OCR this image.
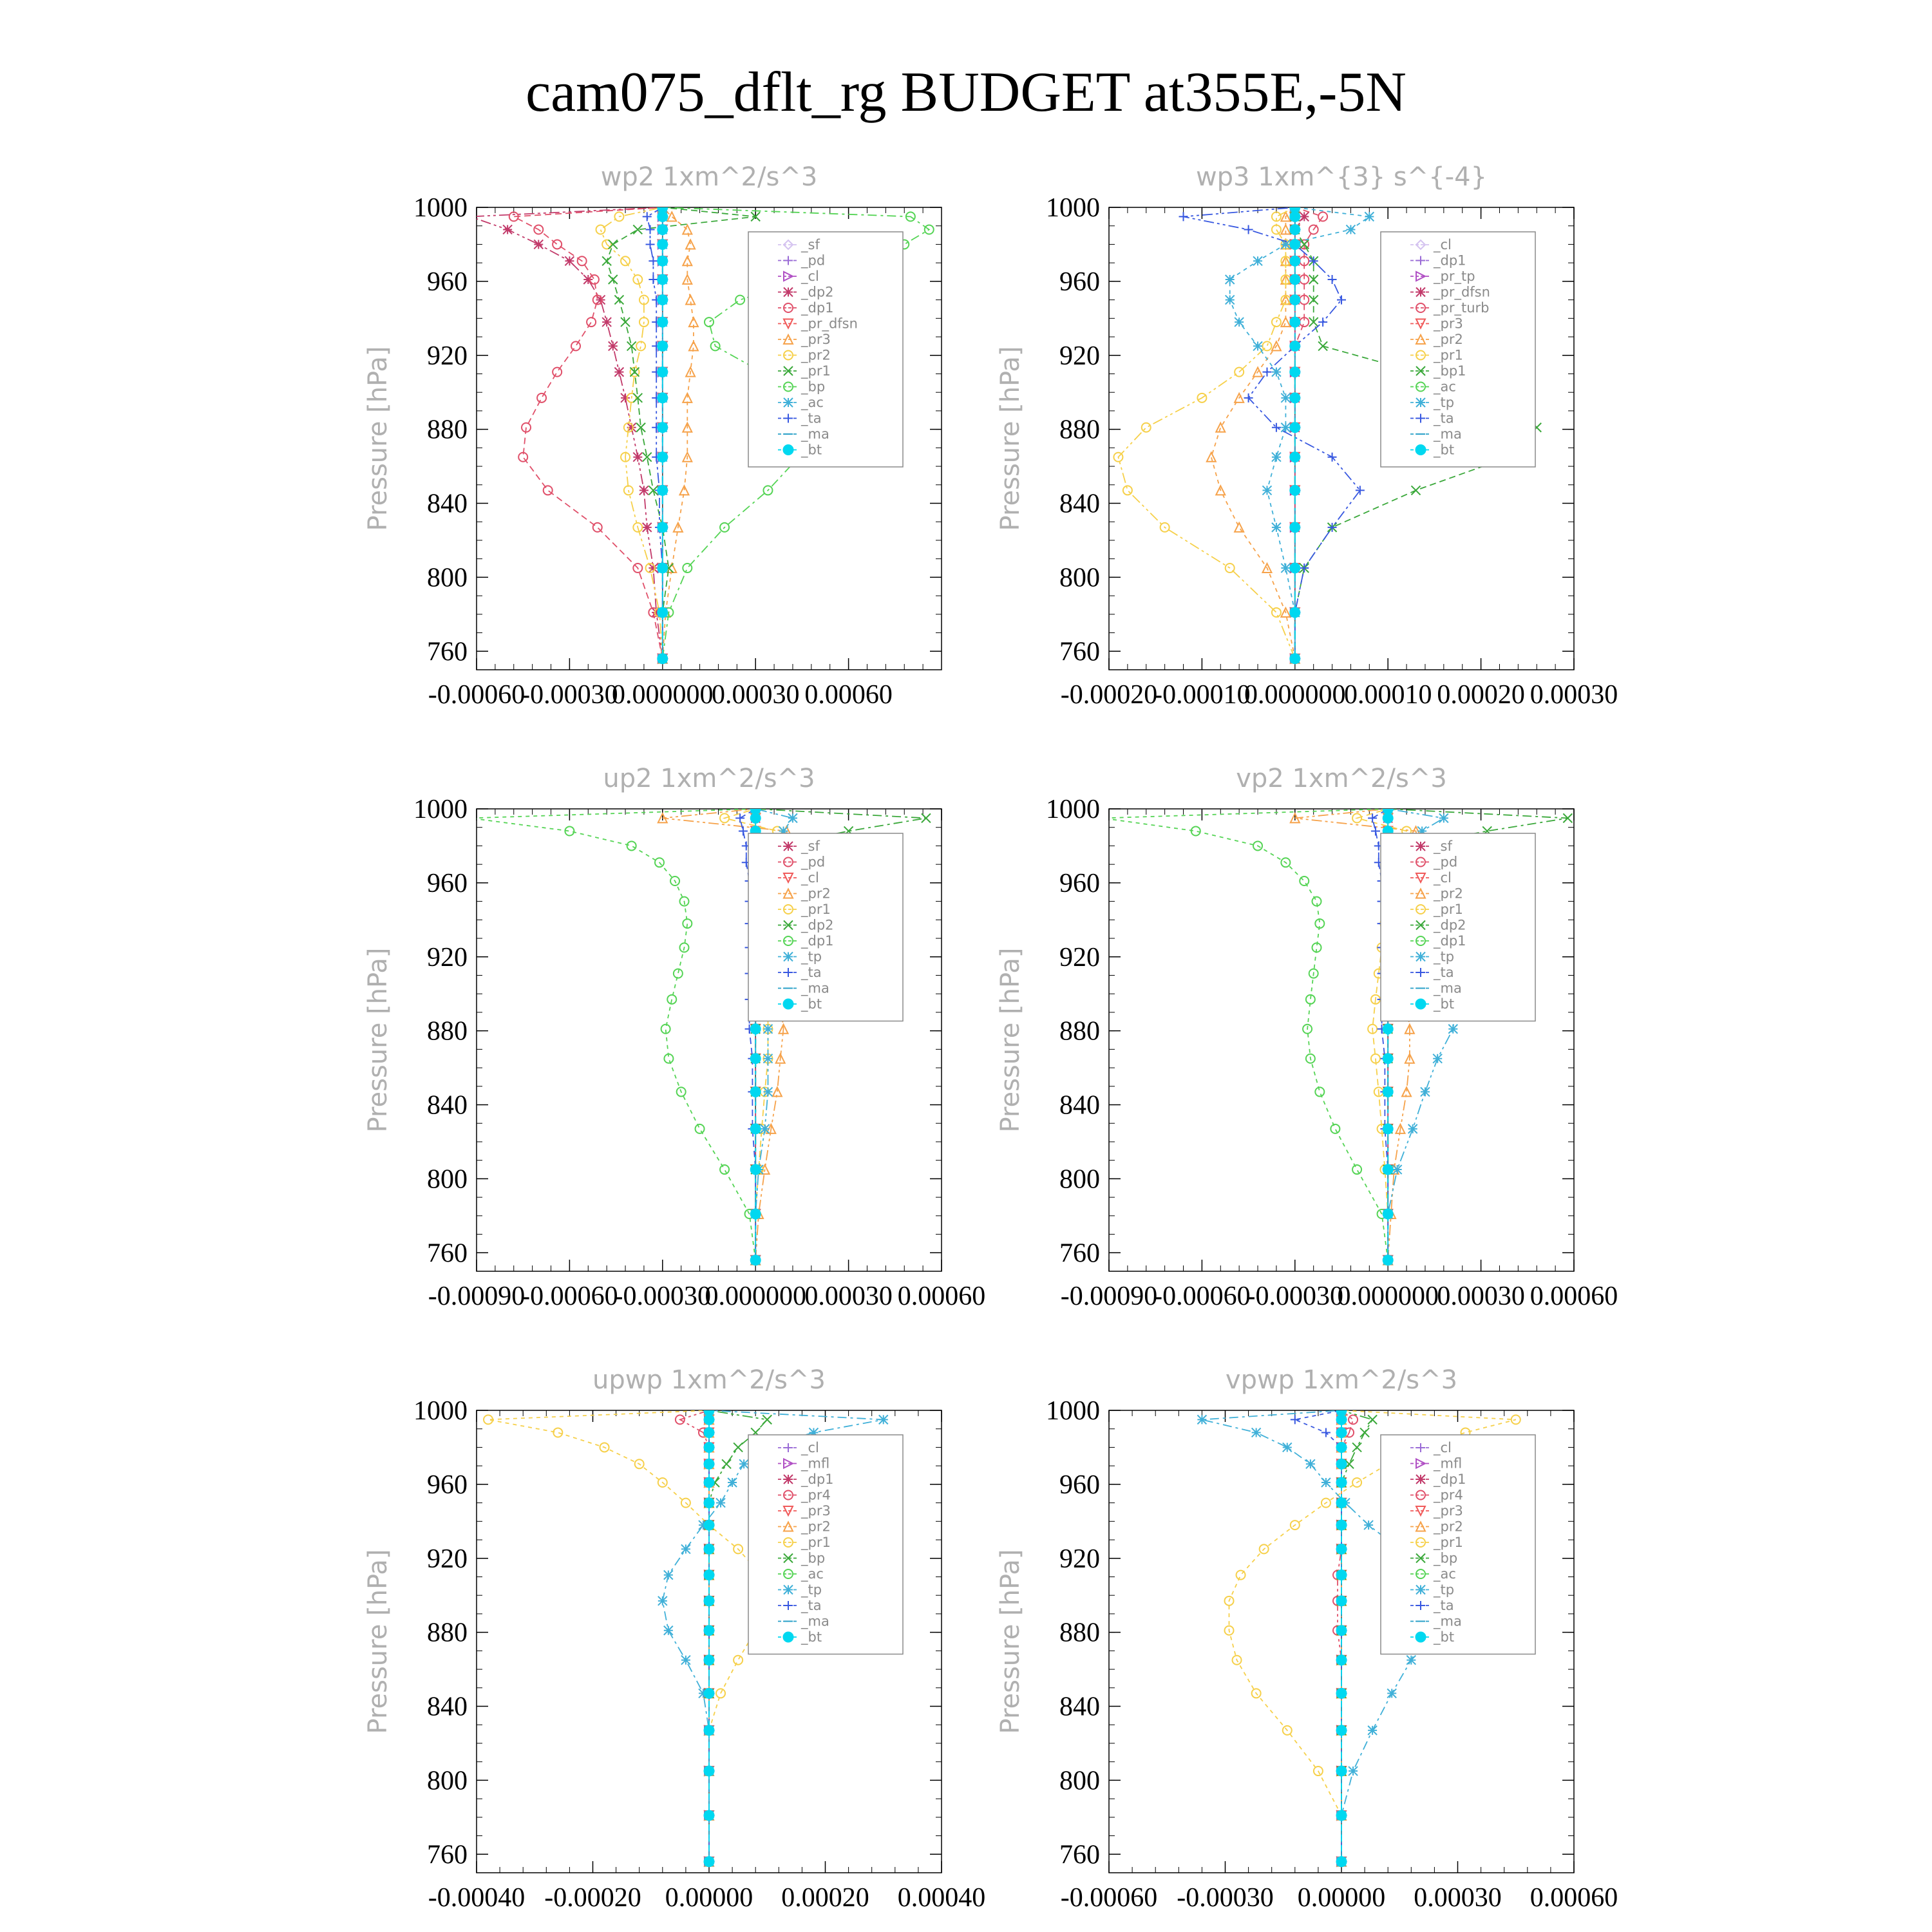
cam075_dflt_rg BUDGET at355E,-5N
wp2 1xm^2/s^3
Pressure [hPa]
760
800
840
880
920
960
1000
-0.00060
-0.00030
0.000000
0.00030 0.00060
_sf
_pd
_cl
_dp2
_dp1
_pr_dfsn
_pr3
_pr2
_pr1
_bp
_ac
_ta
_ma
_bt
wp3 1xm^{3} s^{-4}
Pressure [hPa]
760
800
840
880
920
960
1000
-0.00020
-0.00010
0.000000
0.00010 0.00020 0.00030
_cl
_dp1
_pr_tp
_pr_dfsn
_pr_turb
_pr3
_pr2
_pr1
_bp1
_ac
_tp
_ta
_ma
_bt
up2 1xm^2/s^3
Pressure [hPa]
760
800
840
880
920
960
1000
-0.00090
-0.00060
-0.00030
0.000000
0.00030 0.00060
_sf
_pd
_cl
_pr2
_pr1
_dp2
_dp1
_tp
_ta
_ma
_bt
vp2 1xm^2/s^3
Pressure [hPa]
760
800
840
880
920
960
1000
-0.00090
-0.00060
-0.00030
0.000000
0.00030 0.00060
_sf
_pd
_cl
_pr2
_pr1
_dp2
_dp1
_tp
_ta
_ma
_bt
upwp 1xm^2/s^3
Pressure [hPa]
760
800
840
880
920
960
1000
-0.00040 -0.00020 0.00000 0.00020 0.00040
_cl
_mfl
_dp1
_pr4
_pr3
_pr2
_pr1
_bp
_ac
_tp
_ta
_ma
_bt
vpwp 1xm^2/s^3
Pressure [hPa]
760
800
840
880
920
960
1000
-0.00060 -0.00030 0.00000 0.00030 0.00060
_cl
_mfl
_dp1
_pr4
_pr3
_pr2
_pr1
_bp
_ac
_tp
_ta
_ma
_bt
